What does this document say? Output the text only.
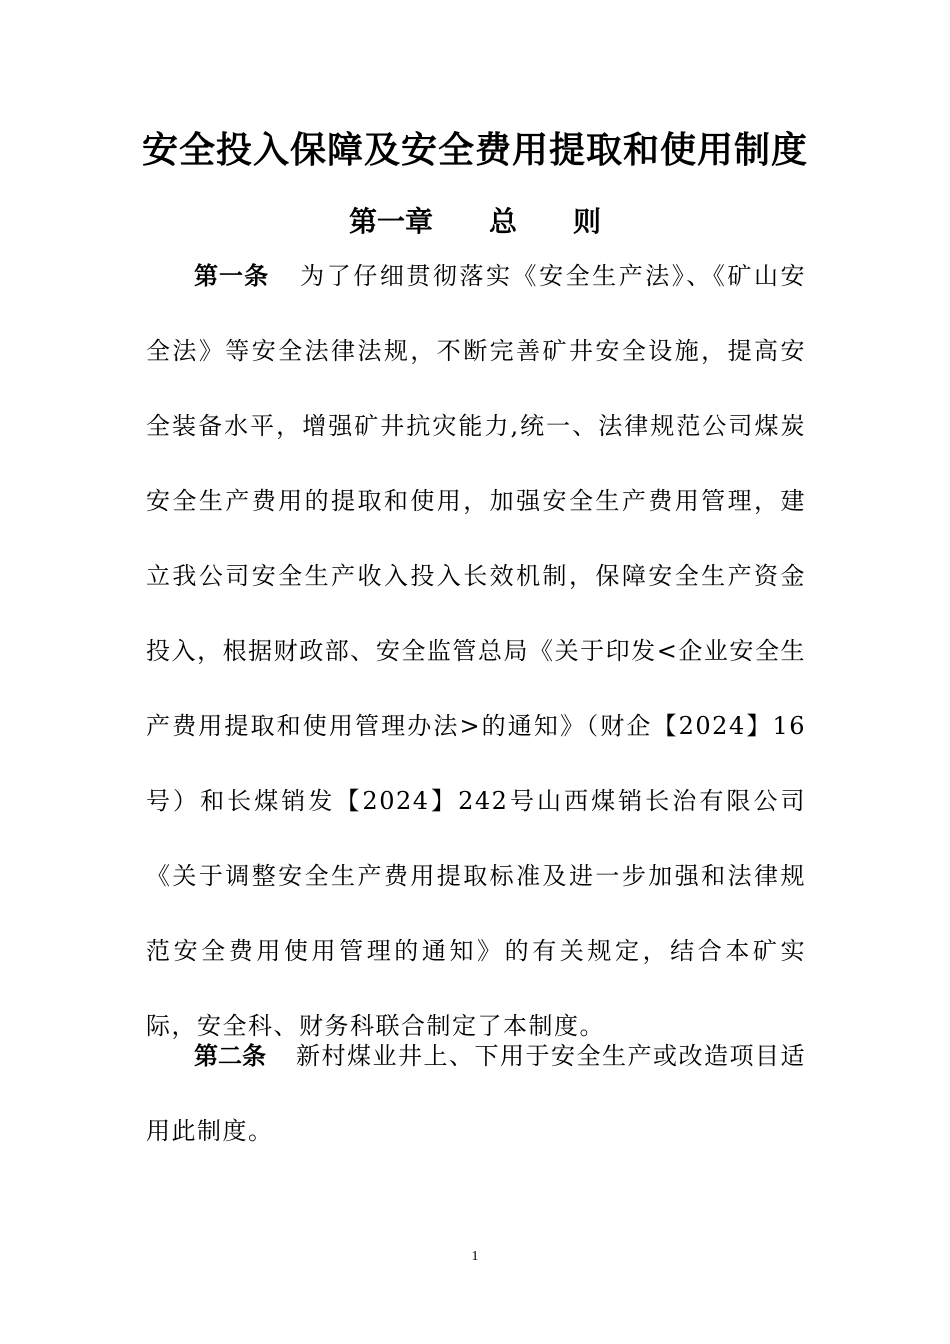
安全投入保障及安全费用提取和使用制度
第一章　　总　　则

第一条 为了仔细贯彻落实《安全生产法》、《矿山安全法》等安全法律法规，不断完善矿井安全设施，提高安全装备水平，增强矿井抗灾能力,统一、法律规范公司煤炭安全生产费用的提取和使用，加强安全生产费用管理，建立我公司安全生产收入投入长效机制，保障安全生产资金投入，根据财政部、安全监管总局《关于印发<企业安全生产费用提取和使用管理办法>的通知》（财企【2024】16号）和长煤销发【2024】242号山西煤销长治有限公司《关于调整安全生产费用提取标准及进一步加强和法律规范安全费用使用管理的通知》的有关规定，结合本矿实际，安全科、财务科联合制定了本制度。

第二条 新村煤业井上、下用于安全生产或改造项目适用此制度。

1
